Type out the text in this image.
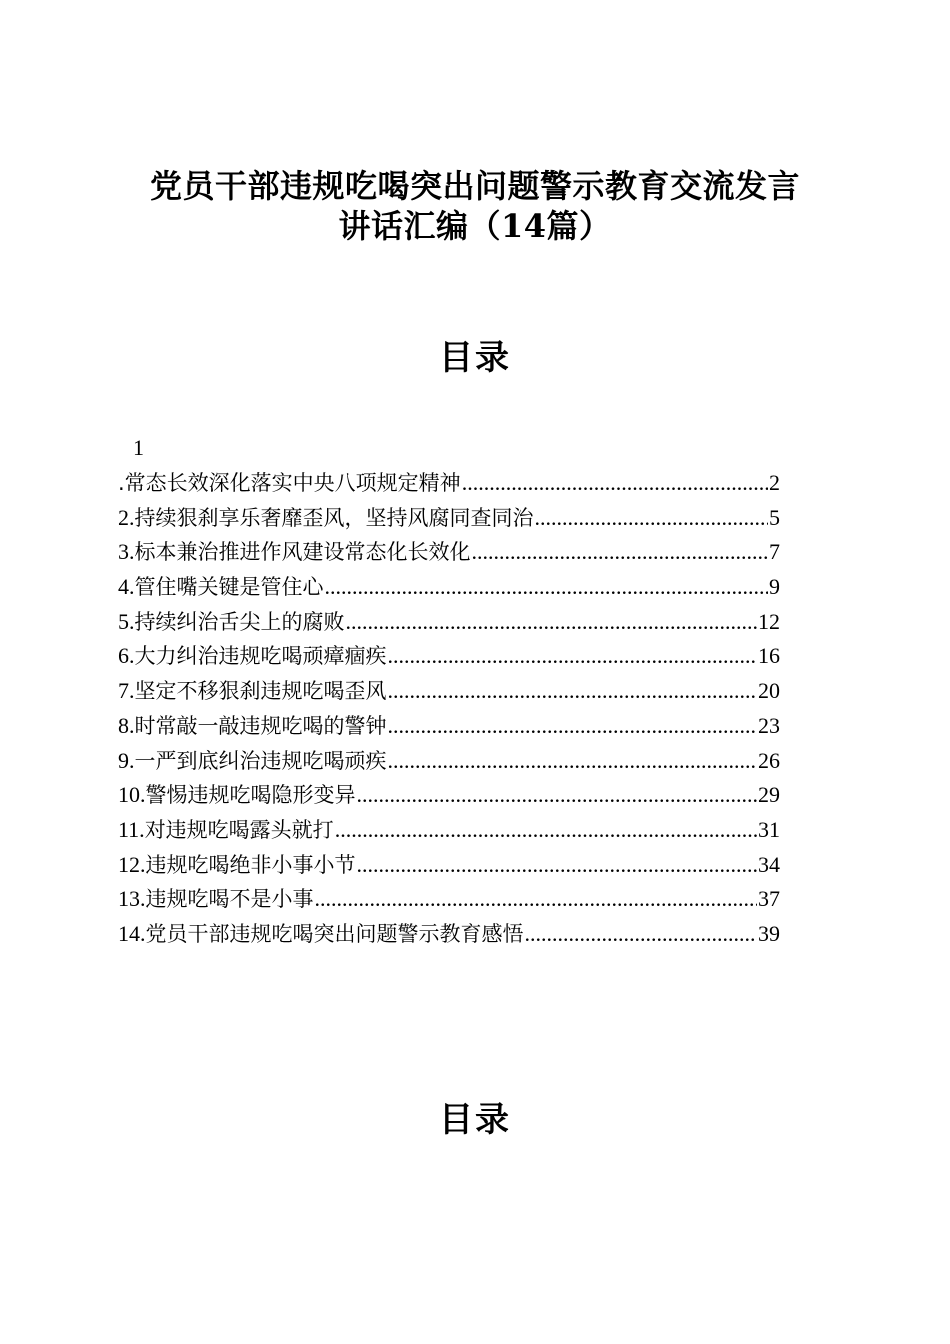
党员干部违规吃喝突出问题警示教育交流发言
讲话汇编（14篇）
目录
1
.常态长效深化落实中央八项规定精神 .....	2
2.持续狠刹享乐奢靡歪风，坚持风腐同查同治 .....	5
3.标本兼治推进作风建设常态化长效化 .....	7
4.管住嘴关键是管住心 .....	9
5.持续纠治舌尖上的腐败 .....	12
6.大力纠治违规吃喝顽瘴痼疾 .....	16
7.坚定不移狠刹违规吃喝歪风 .....	20
8.时常敲一敲违规吃喝的警钟 .....	23
9.一严到底纠治违规吃喝顽疾 .....	26
10.警惕违规吃喝隐形变异 .....	29
11.对违规吃喝露头就打 .....	31
12.违规吃喝绝非小事小节 .....	34
13.违规吃喝不是小事 .....	37
14.党员干部违规吃喝突出问题警示教育感悟 .....	39
目录
